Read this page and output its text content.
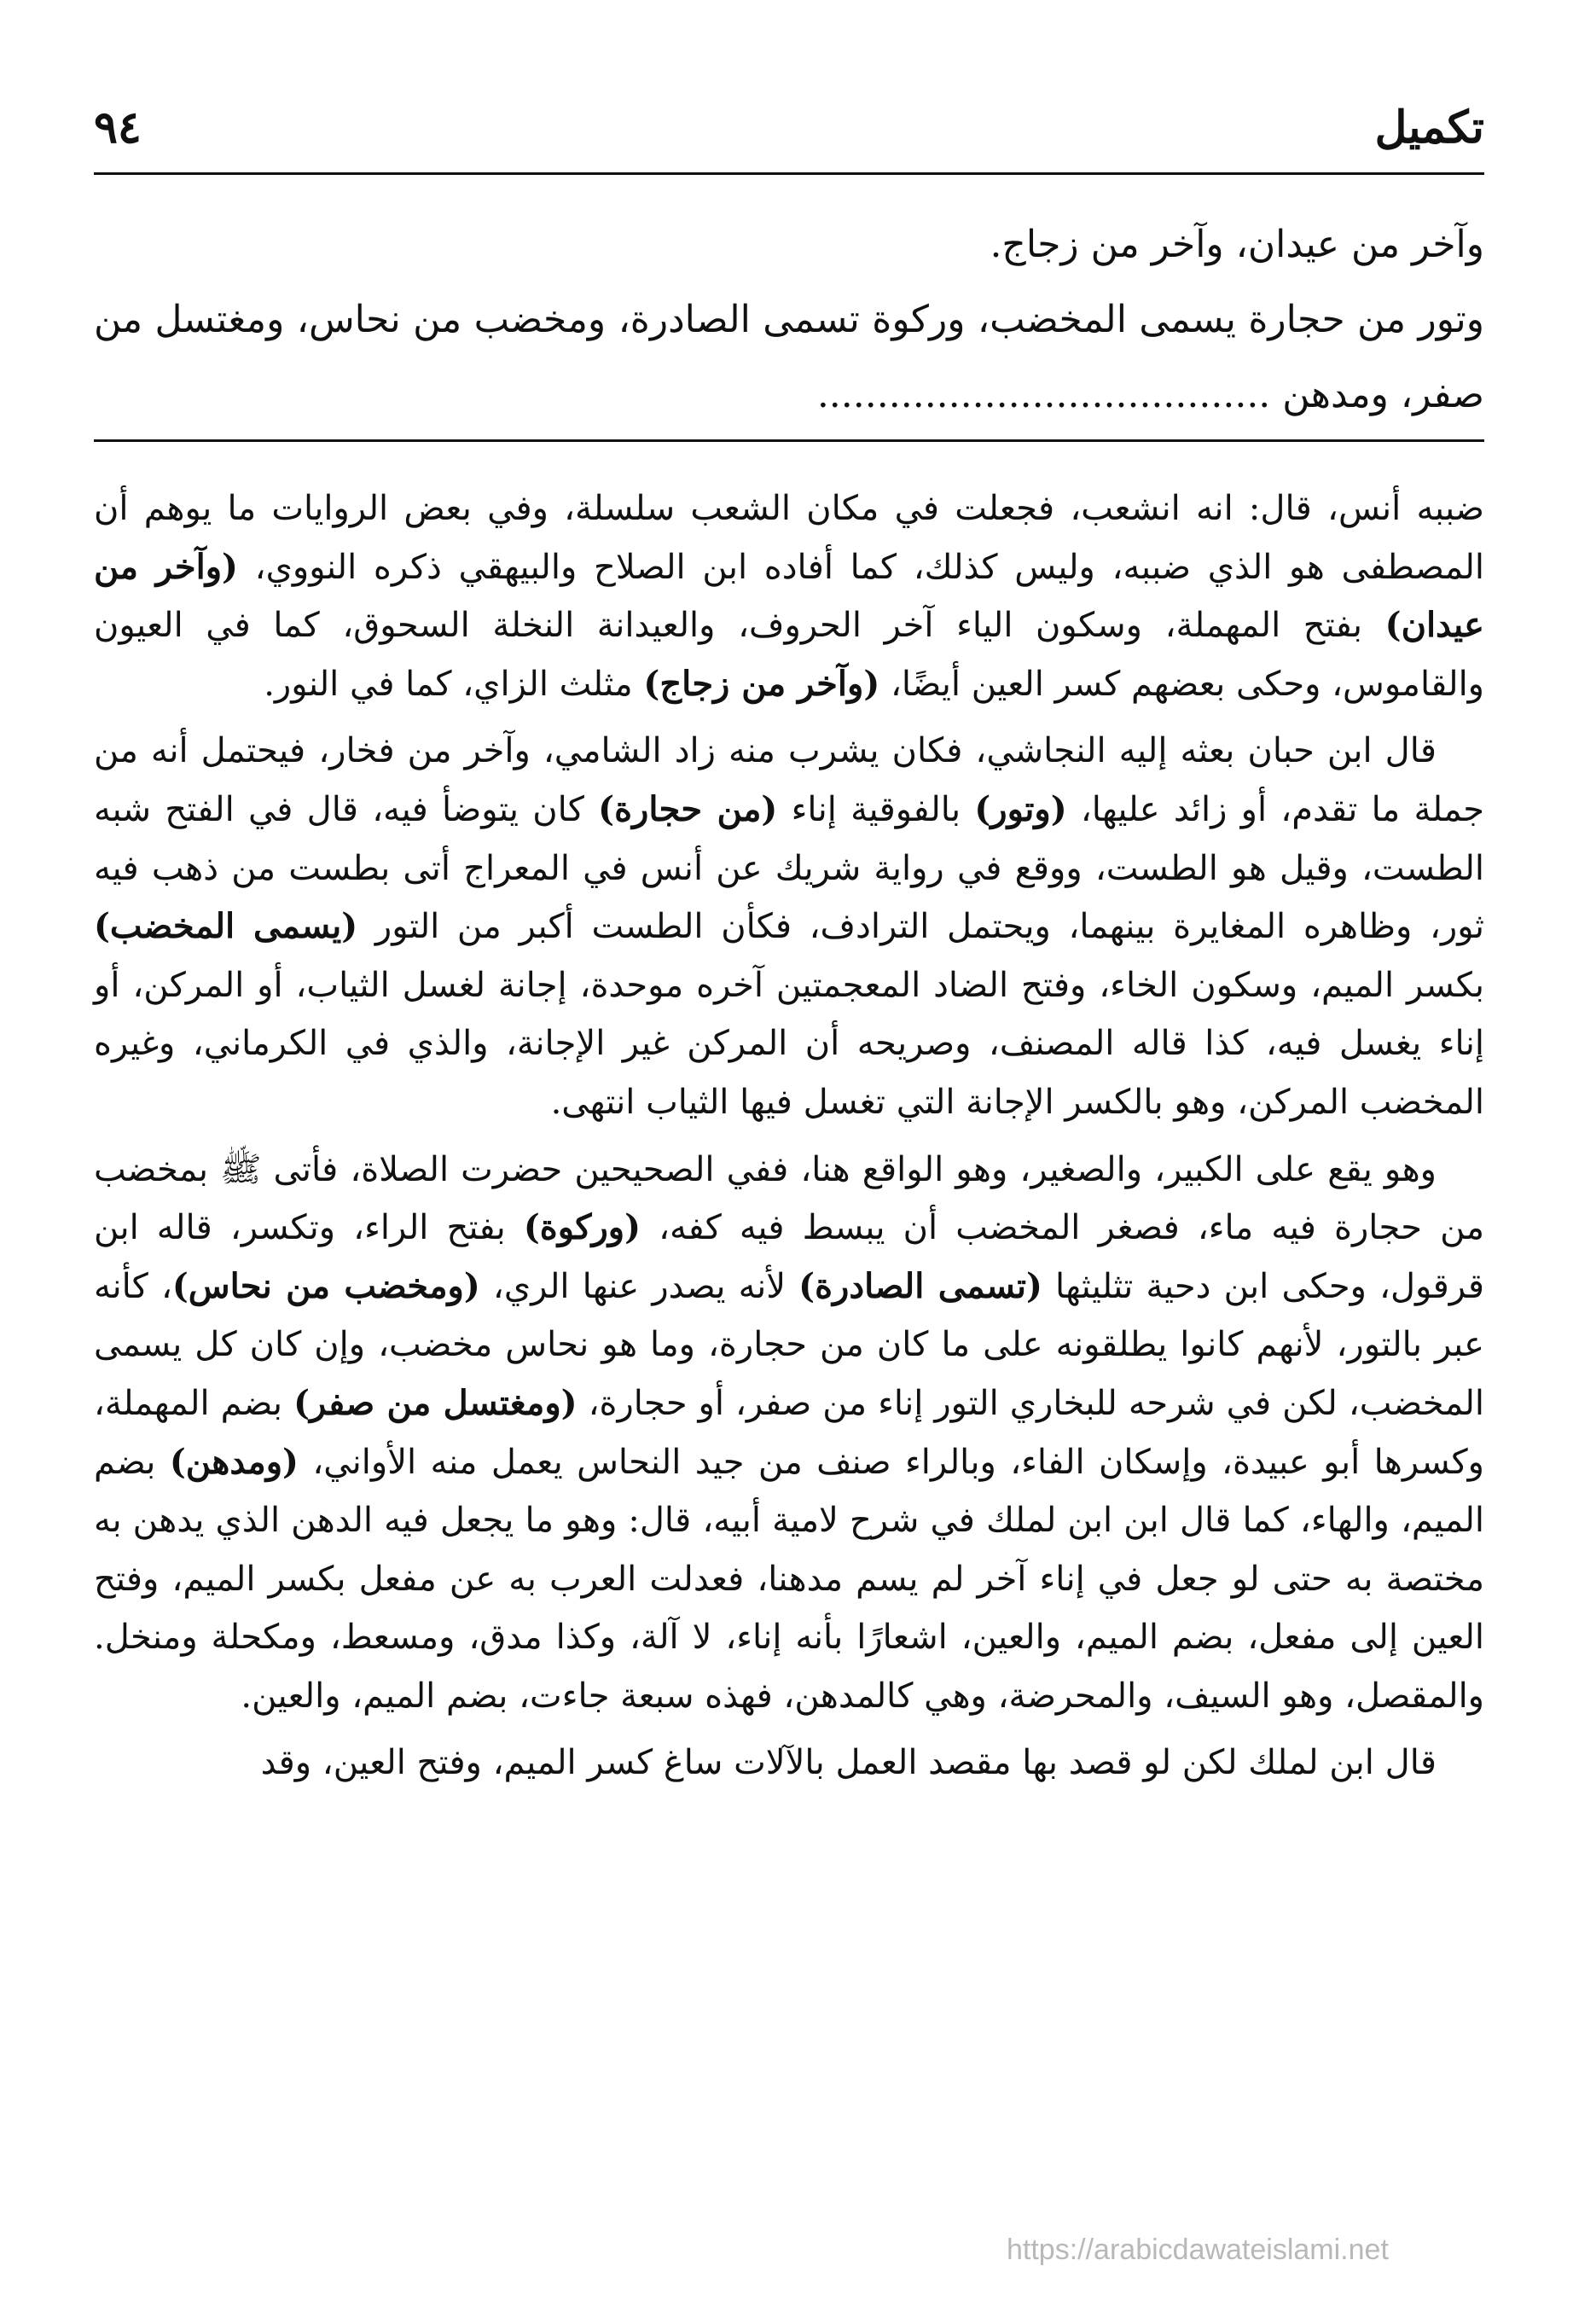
تكميل
٩٤

وآخر من عيدان، وآخر من زجاج.

وتور من حجارة يسمى المخضب، وركوة تسمى الصادرة، ومخضب من نحاس، ومغتسل من صفر، ومدهن ......................................

ضببه أنس، قال: انه انشعب، فجعلت في مكان الشعب سلسلة، وفي بعض الروايات ما يوهم أن المصطفى هو الذي ضببه، وليس كذلك، كما أفاده ابن الصلاح والبيهقي ذكره النووي، (وآخر من عيدان) بفتح المهملة، وسكون الياء آخر الحروف، والعيدانة النخلة السحوق، كما في العيون والقاموس، وحكى بعضهم كسر العين أيضًا، (وآخر من زجاج) مثلث الزاي، كما في النور.

قال ابن حبان بعثه إليه النجاشي، فكان يشرب منه زاد الشامي، وآخر من فخار، فيحتمل أنه من جملة ما تقدم، أو زائد عليها، (وتور) بالفوقية إناء (من حجارة) كان يتوضأ فيه، قال في الفتح شبه الطست، وقيل هو الطست، ووقع في رواية شريك عن أنس في المعراج أتى بطست من ذهب فيه ثور، وظاهره المغايرة بينهما، ويحتمل الترادف، فكأن الطست أكبر من التور (يسمى المخضب) بكسر الميم، وسكون الخاء، وفتح الضاد المعجمتين آخره موحدة، إجانة لغسل الثياب، أو المركن، أو إناء يغسل فيه، كذا قاله المصنف، وصريحه أن المركن غير الإجانة، والذي في الكرماني، وغيره المخضب المركن، وهو بالكسر الإجانة التي تغسل فيها الثياب انتهى.

وهو يقع على الكبير، والصغير، وهو الواقع هنا، ففي الصحيحين حضرت الصلاة، فأتى ﷺ بمخضب من حجارة فيه ماء، فصغر المخضب أن يبسط فيه كفه، (وركوة) بفتح الراء، وتكسر، قاله ابن قرقول، وحكى ابن دحية تثليثها (تسمى الصادرة) لأنه يصدر عنها الري، (ومخضب من نحاس)، كأنه عبر بالتور، لأنهم كانوا يطلقونه على ما كان من حجارة، وما هو نحاس مخضب، وإن كان كل يسمى المخضب، لكن في شرحه للبخاري التور إناء من صفر، أو حجارة، (ومغتسل من صفر) بضم المهملة، وكسرها أبو عبيدة، وإسكان الفاء، وبالراء صنف من جيد النحاس يعمل منه الأواني، (ومدهن) بضم الميم، والهاء، كما قال ابن ابن لملك في شرح لامية أبيه، قال: وهو ما يجعل فيه الدهن الذي يدهن به مختصة به حتى لو جعل في إناء آخر لم يسم مدهنا، فعدلت العرب به عن مفعل بكسر الميم، وفتح العين إلى مفعل، بضم الميم، والعين، اشعارًا بأنه إناء، لا آلة، وكذا مدق، ومسعط، ومكحلة ومنخل. والمقصل، وهو السيف، والمحرضة، وهي كالمدهن، فهذه سبعة جاءت، بضم الميم، والعين.

قال ابن لملك لكن لو قصد بها مقصد العمل بالآلات ساغ كسر الميم، وفتح العين، وقد

https://arabicdawateislami.net
